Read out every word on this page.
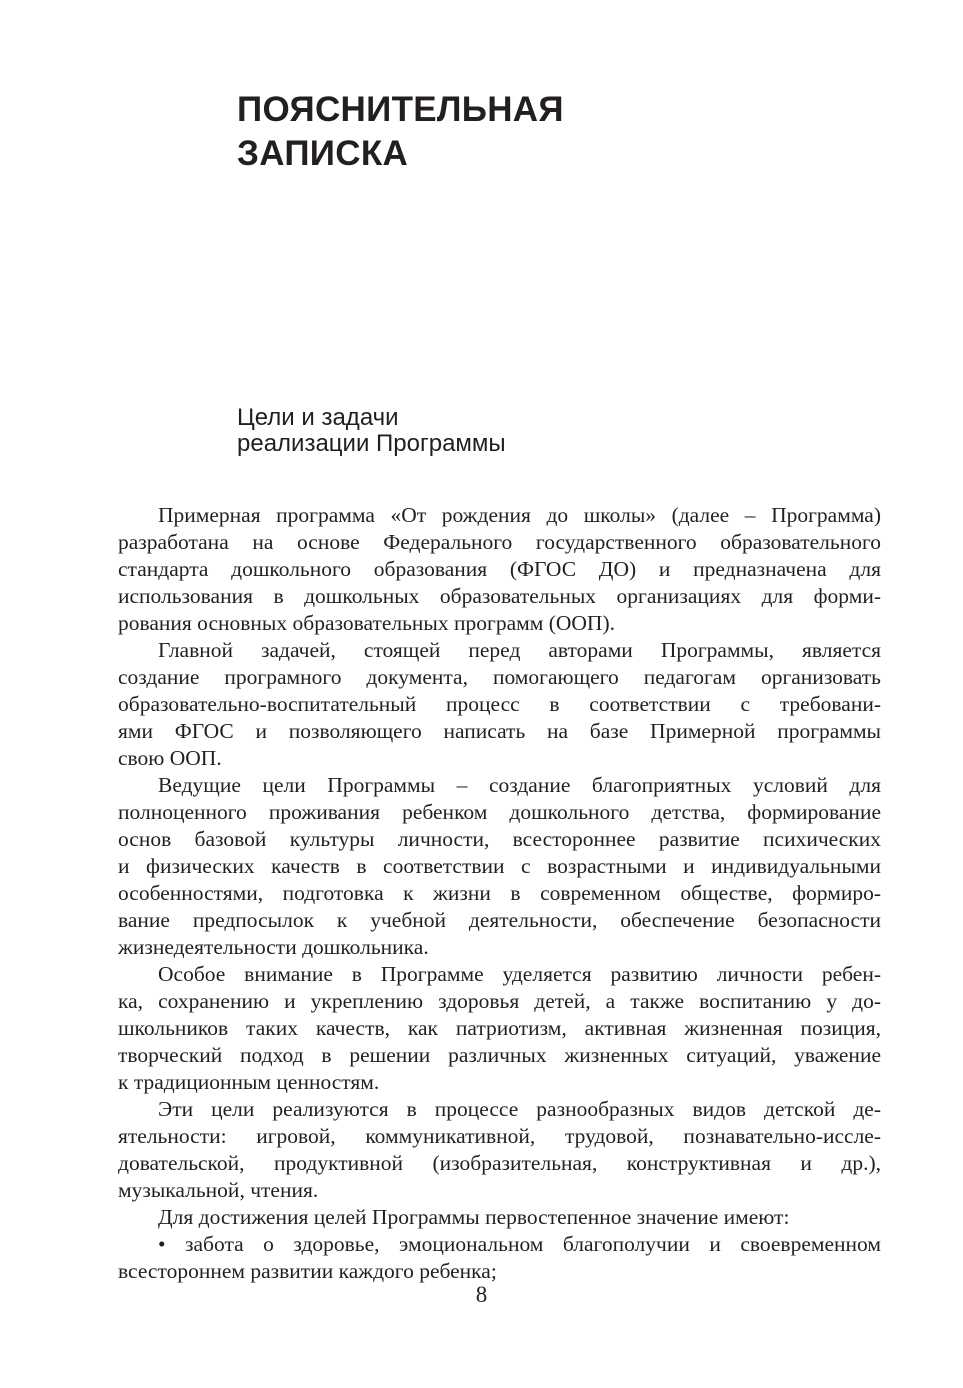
ПОЯСНИТЕЛЬНАЯ
ЗАПИСКА
Цели и задачи
реализации Программы
Примерная программа «От рождения до школы» (далее – Программа)
разработана на основе Федерального государственного образовательного
стандарта дошкольного образования (ФГОС ДО) и предназначена для
использования в дошкольных образовательных организациях для форми-
рования основных образовательных программ (ООП).
Главной задачей, стоящей перед авторами Программы, является
создание програмного документа, помогающего педагогам организовать
образовательно-воспитательный процесс в соответствии с требовани-
ями ФГОС и позволяющего написать на базе Примерной программы
свою ООП.
Ведущие цели Программы – создание благоприятных условий для
полноценного проживания ребенком дошкольного детства, формирование
основ базовой культуры личности, всестороннее развитие психических
и физических качеств в соответствии с возрастными и индивидуальными
особенностями, подготовка к жизни в современном обществе, формиро-
вание предпосылок к учебной деятельности, обеспечение безопасности
жизнедеятельности дошкольника.
Особое внимание в Программе уделяется развитию личности ребен-
ка, сохранению и укреплению здоровья детей, а также воспитанию у до-
школьников таких качеств, как патриотизм, активная жизненная позиция,
творческий подход в решении различных жизненных ситуаций, уважение
к традиционным ценностям.
Эти цели реализуются в процессе разнообразных видов детской де-
ятельности: игровой, коммуникативной, трудовой, познавательно-иссле-
довательской, продуктивной (изобразительная, конструктивная и др.),
музыкальной, чтения.
Для достижения целей Программы первостепенное значение имеют:
• забота о здоровье, эмоциональном благополучии и своевременном
всестороннем развитии каждого ребенка;
8
